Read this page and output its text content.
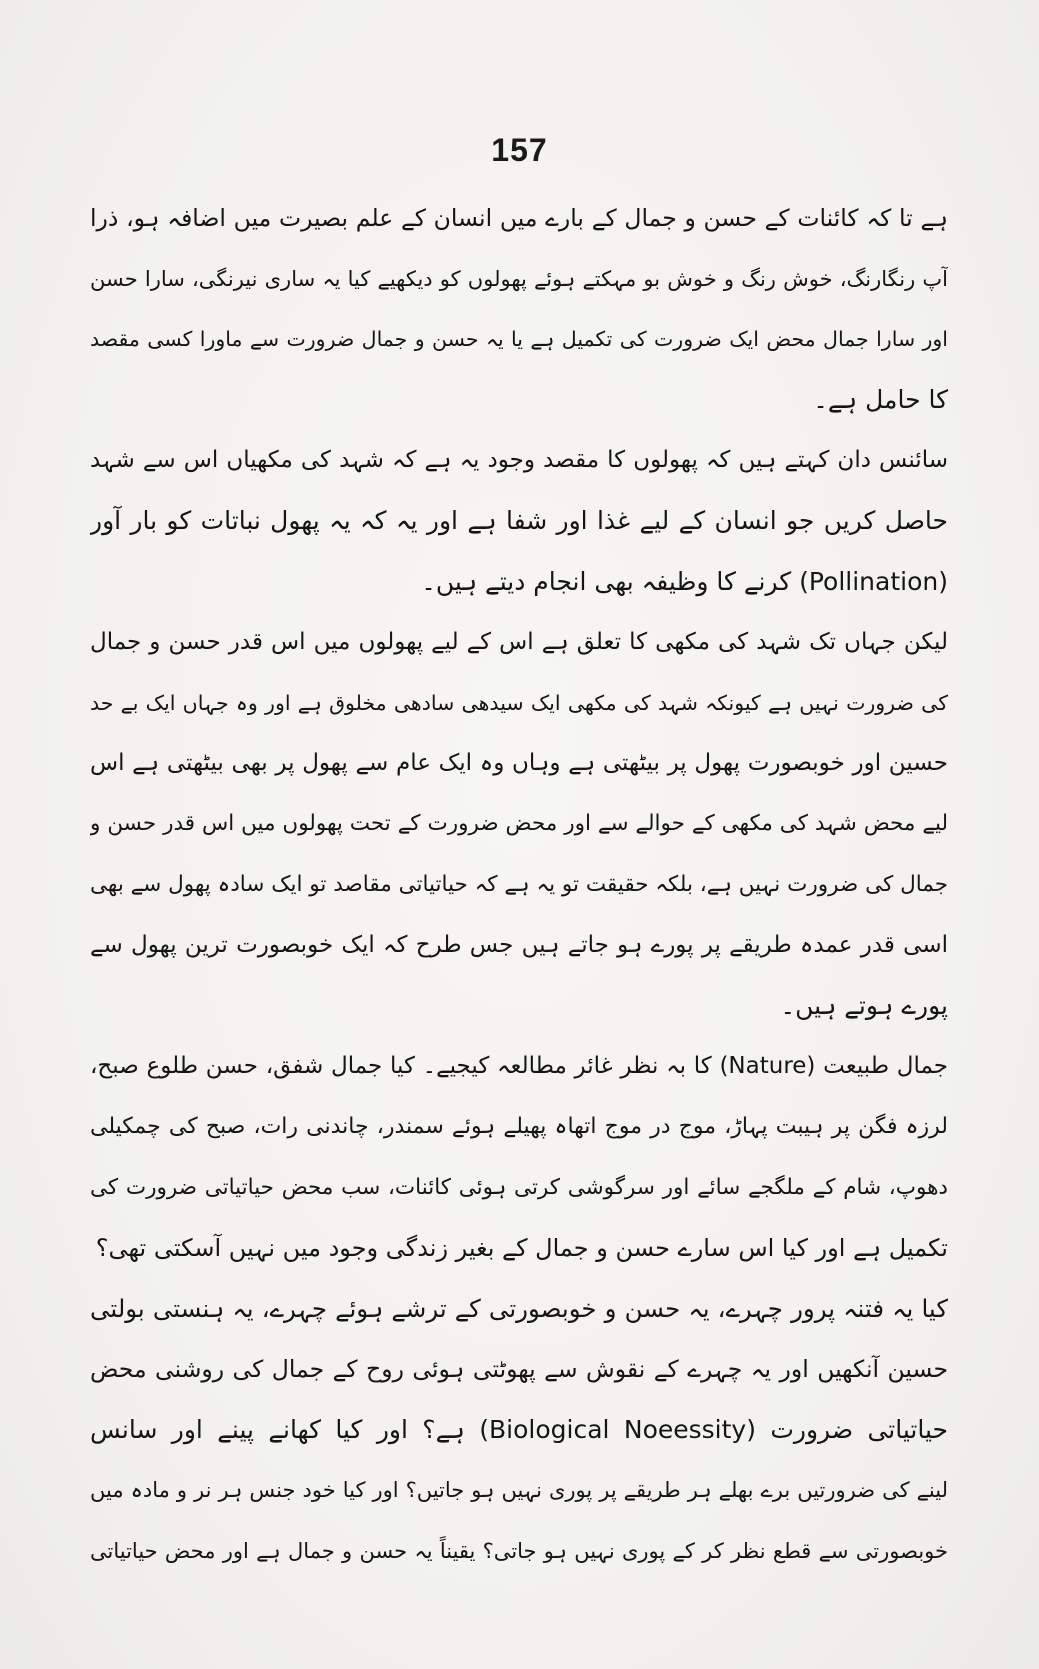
157
ہے تا کہ کائنات کے حسن و جمال کے بارے میں انسان کے علم بصیرت میں اضافہ ہو، ذرا
آپ رنگارنگ، خوش رنگ و خوش بو مہکتے ہوئے پھولوں کو دیکھیے کیا یہ ساری نیرنگی، سارا حسن
اور سارا جمال محض ایک ضرورت کی تکمیل ہے یا یہ حسن و جمال ضرورت سے ماورا کسی مقصد
کا حامل ہے۔
سائنس دان کہتے ہیں کہ پھولوں کا مقصد وجود یہ ہے کہ شہد کی مکھیاں اس سے شہد
حاصل کریں جو انسان کے لیے غذا اور شفا ہے اور یہ کہ یہ پھول نباتات کو بار آور
(Pollination) کرنے کا وظیفہ بھی انجام دیتے ہیں۔
لیکن جہاں تک شہد کی مکھی کا تعلق ہے اس کے لیے پھولوں میں اس قدر حسن و جمال
کی ضرورت نہیں ہے کیونکہ شہد کی مکھی ایک سیدھی سادھی مخلوق ہے اور وہ جہاں ایک بے حد
حسین اور خوبصورت پھول پر بیٹھتی ہے وہاں وہ ایک عام سے پھول پر بھی بیٹھتی ہے اس
لیے محض شہد کی مکھی کے حوالے سے اور محض ضرورت کے تحت پھولوں میں اس قدر حسن و
جمال کی ضرورت نہیں ہے، بلکہ حقیقت تو یہ ہے کہ حیاتیاتی مقاصد تو ایک سادہ پھول سے بھی
اسی قدر عمدہ طریقے پر پورے ہو جاتے ہیں جس طرح کہ ایک خوبصورت ترین پھول سے
پورے ہوتے ہیں۔
جمال طبیعت (Nature) کا بہ نظر غائر مطالعہ کیجیے۔ کیا جمال شفق، حسن طلوع صبح،
لرزہ فگن پر ہیبت پہاڑ، موج در موج اتھاہ پھیلے ہوئے سمندر، چاندنی رات، صبح کی چمکیلی
دھوپ، شام کے ملگجے سائے اور سرگوشی کرتی ہوئی کائنات، سب محض حیاتیاتی ضرورت کی
تکمیل ہے اور کیا اس سارے حسن و جمال کے بغیر زندگی وجود میں نہیں آسکتی تھی؟
کیا یہ فتنہ پرور چہرے، یہ حسن و خوبصورتی کے ترشے ہوئے چہرے، یہ ہنستی بولتی
حسین آنکھیں اور یہ چہرے کے نقوش سے پھوٹتی ہوئی روح کے جمال کی روشنی محض
حیاتیاتی ضرورت (Biological Noeessity) ہے؟ اور کیا کھانے پینے اور سانس
لینے کی ضرورتیں برے بھلے ہر طریقے پر پوری نہیں ہو جاتیں؟ اور کیا خود جنس ہر نر و مادہ میں
خوبصورتی سے قطع نظر کر کے پوری نہیں ہو جاتی؟ یقیناً یہ حسن و جمال ہے اور محض حیاتیاتی
